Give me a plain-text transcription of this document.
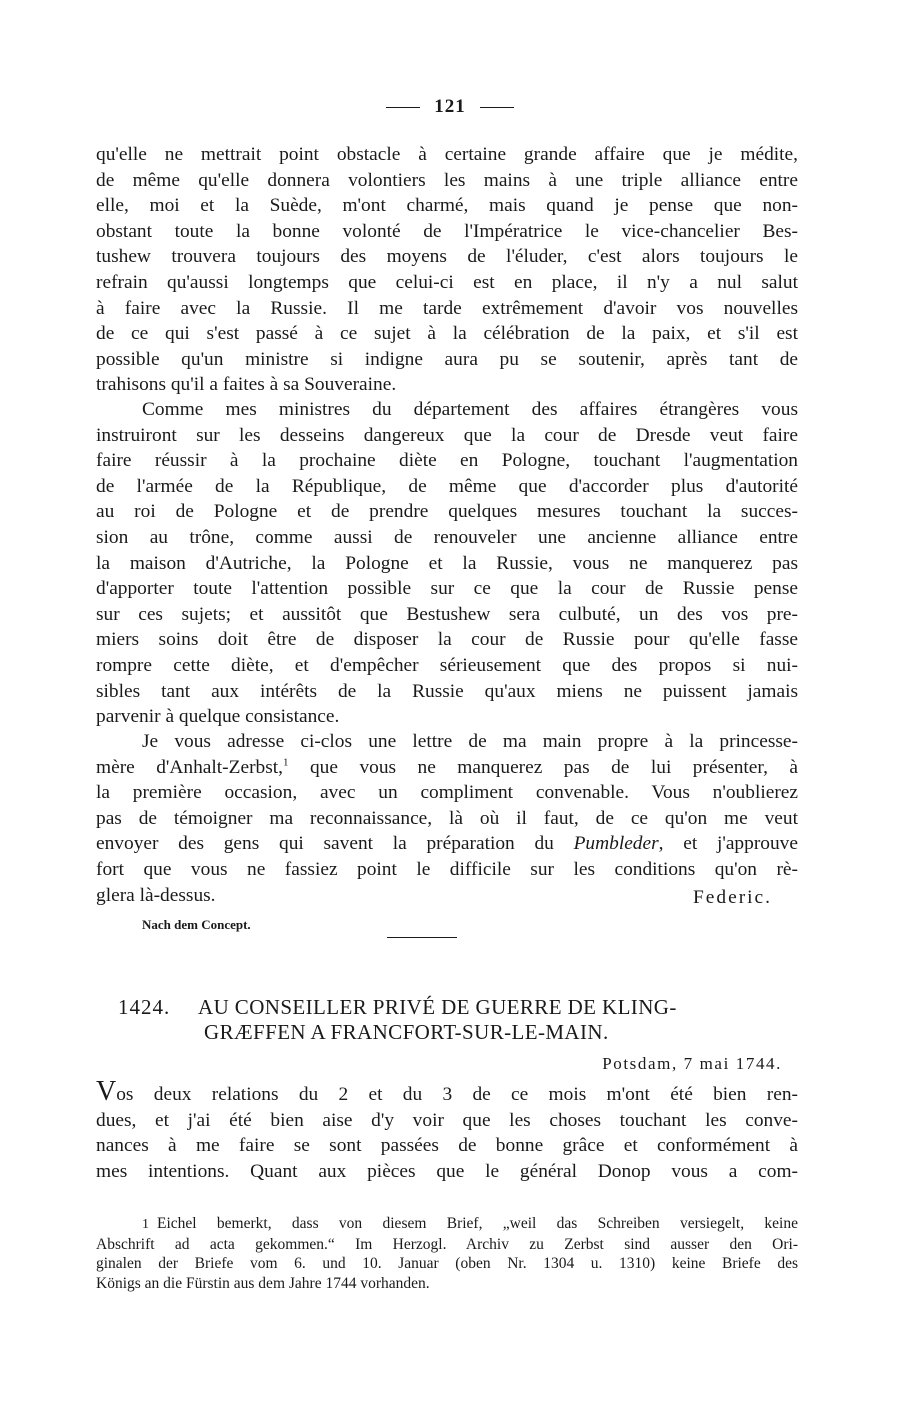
121

qu'elle ne mettrait point obstacle à certaine grande affaire que je médite,

de même qu'elle donnera volontiers les mains à une triple alliance entre

elle, moi et la Suède, m'ont charmé, mais quand je pense que non-

obstant toute la bonne volonté de l'Impératrice le vice-chancelier Bes-

tushew trouvera toujours des moyens de l'éluder, c'est alors toujours le

refrain qu'aussi longtemps que celui-ci est en place, il n'y a nul salut

à faire avec la Russie. Il me tarde extrêmement d'avoir vos nouvelles

de ce qui s'est passé à ce sujet à la célébration de la paix, et s'il est

possible qu'un ministre si indigne aura pu se soutenir, après tant de

trahisons qu'il a faites à sa Souveraine.

Comme mes ministres du département des affaires étrangères vous

instruiront sur les desseins dangereux que la cour de Dresde veut faire

faire réussir à la prochaine diète en Pologne, touchant l'augmentation

de l'armée de la République, de même que d'accorder plus d'autorité

au roi de Pologne et de prendre quelques mesures touchant la succes-

sion au trône, comme aussi de renouveler une ancienne alliance entre

la maison d'Autriche, la Pologne et la Russie, vous ne manquerez pas

d'apporter toute l'attention possible sur ce que la cour de Russie pense

sur ces sujets; et aussitôt que Bestushew sera culbuté, un des vos pre-

miers soins doit être de disposer la cour de Russie pour qu'elle fasse

rompre cette diète, et d'empêcher sérieusement que des propos si nui-

sibles tant aux intérêts de la Russie qu'aux miens ne puissent jamais

parvenir à quelque consistance.

Je vous adresse ci-clos une lettre de ma main propre à la princesse-

mère d'Anhalt-Zerbst,$^1$ que vous ne manquerez pas de lui présenter, à

la première occasion, avec un compliment convenable. Vous n'oublierez

pas de témoigner ma reconnaissance, là où il faut, de ce qu'on me veut

envoyer des gens qui savent la préparation du Pumbleder, et j'approuve

fort que vous ne fassiez point le difficile sur les conditions qu'on rè-

glera là-dessus.	Federic.

Nach dem Concept.
1424. AU CONSEILLER PRIVÉ DE GUERRE DE KLING-
GRÆFFEN A FRANCFORT-SUR-LE-MAIN.
Potsdam, 7 mai 1744.

Vos deux relations du 2 et du 3 de ce mois m'ont été bien ren-

dues, et j'ai été bien aise d'y voir que les choses touchant les conve-

nances à me faire se sont passées de bonne grâce et conformément à

mes intentions. Quant aux pièces que le général Donop vous a com-

1 Eichel bemerkt, dass von diesem Brief, „weil das Schreiben versiegelt, keine

Abschrift ad acta gekommen.“ Im Herzogl. Archiv zu Zerbst sind ausser den Ori-

ginalen der Briefe vom 6. und 10. Januar (oben Nr. 1304 u. 1310) keine Briefe des

Königs an die Fürstin aus dem Jahre 1744 vorhanden.
